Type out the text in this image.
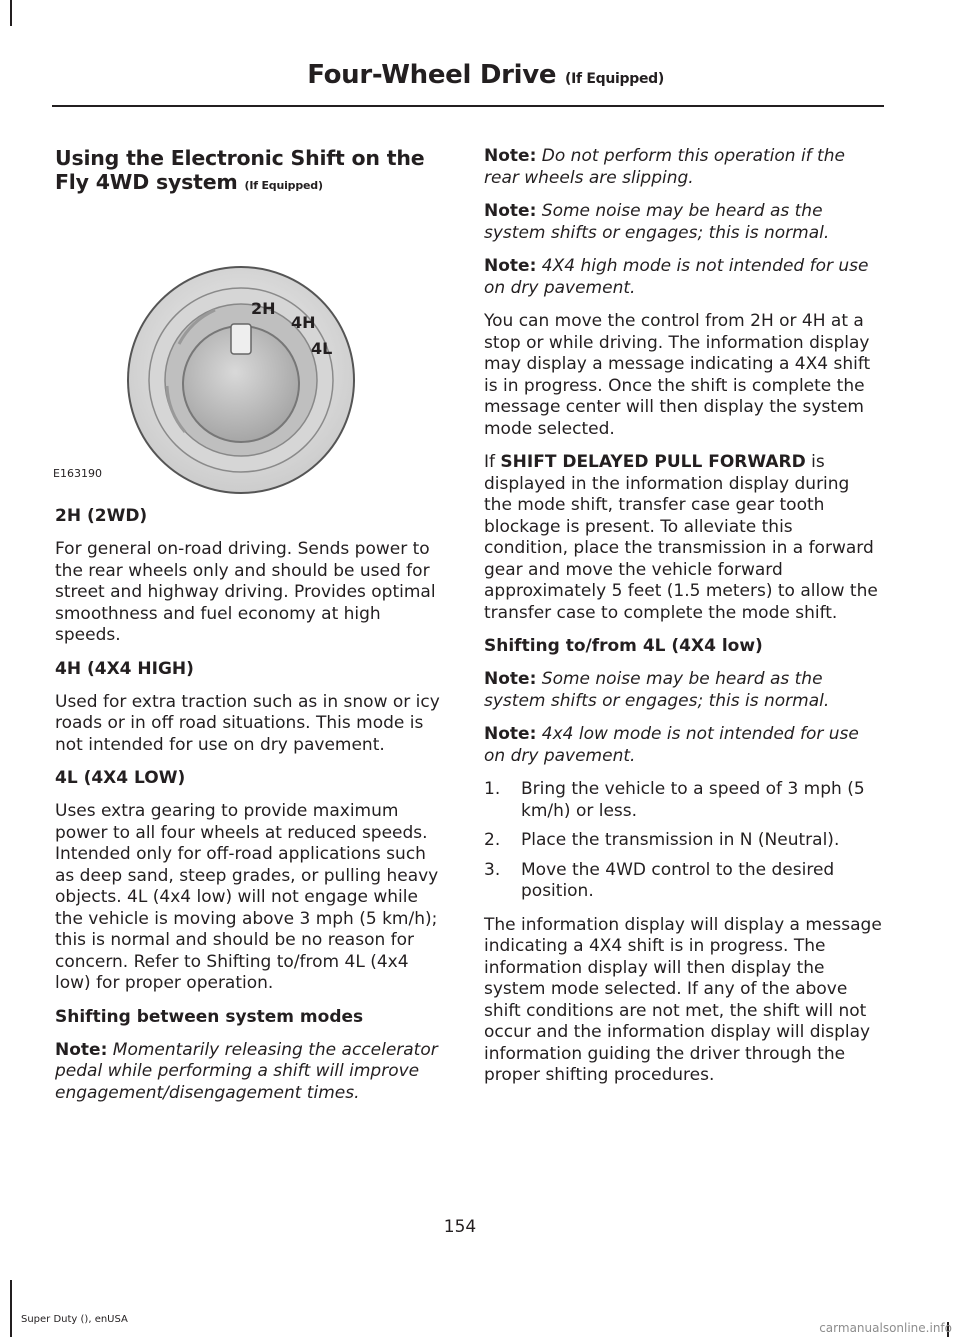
Four-Wheel Drive (If Equipped)
Using the Electronic Shift on the
Fly 4WD system (If Equipped)
2H
4H
4L
E163190
2H (2WD)

For general on-road driving. Sends power to the rear wheels only and should be used for street and highway driving. Provides optimal smoothness and fuel economy at high speeds.

4H (4X4 HIGH)

Used for extra traction such as in snow or icy roads or in off road situations. This mode is not intended for use on dry pavement.

4L (4X4 LOW)

Uses extra gearing to provide maximum power to all four wheels at reduced speeds. Intended only for off-road applications such as deep sand, steep grades, or pulling heavy objects. 4L (4x4 low) will not engage while the vehicle is moving above 3 mph (5 km/h); this is normal and should be no reason for concern. Refer to Shifting to/from 4L (4x4 low) for proper operation.

Shifting between system modes

Note: Momentarily releasing the accelerator pedal while performing a shift will improve engagement/disengagement times.

Note: Do not perform this operation if the rear wheels are slipping.

Note: Some noise may be heard as the system shifts or engages; this is normal.

Note: 4X4 high mode is not intended for use on dry pavement.

You can move the control from 2H or 4H at a stop or while driving. The information display may display a message indicating a 4X4 shift is in progress. Once the shift is complete the message center will then display the system mode selected.

If SHIFT DELAYED PULL FORWARD is displayed in the information display during the mode shift, transfer case gear tooth blockage is present. To alleviate this condition, place the transmission in a forward gear and move the vehicle forward approximately 5 feet (1.5 meters) to allow the transfer case to complete the mode shift.

Shifting to/from 4L (4X4 low)

Note: Some noise may be heard as the system shifts or engages; this is normal.

Note: 4x4 low mode is not intended for use on dry pavement.

1. Bring the vehicle to a speed of 3 mph (5 km/h) or less.
2. Place the transmission in N (Neutral).
3. Move the 4WD control to the desired position.

The information display will display a message indicating a 4X4 shift is in progress. The information display will then display the system mode selected. If any of the above shift conditions are not met, the shift will not occur and the information display will display information guiding the driver through the proper shifting procedures.

154
Super Duty (), enUSA
carmanualsonline.info
